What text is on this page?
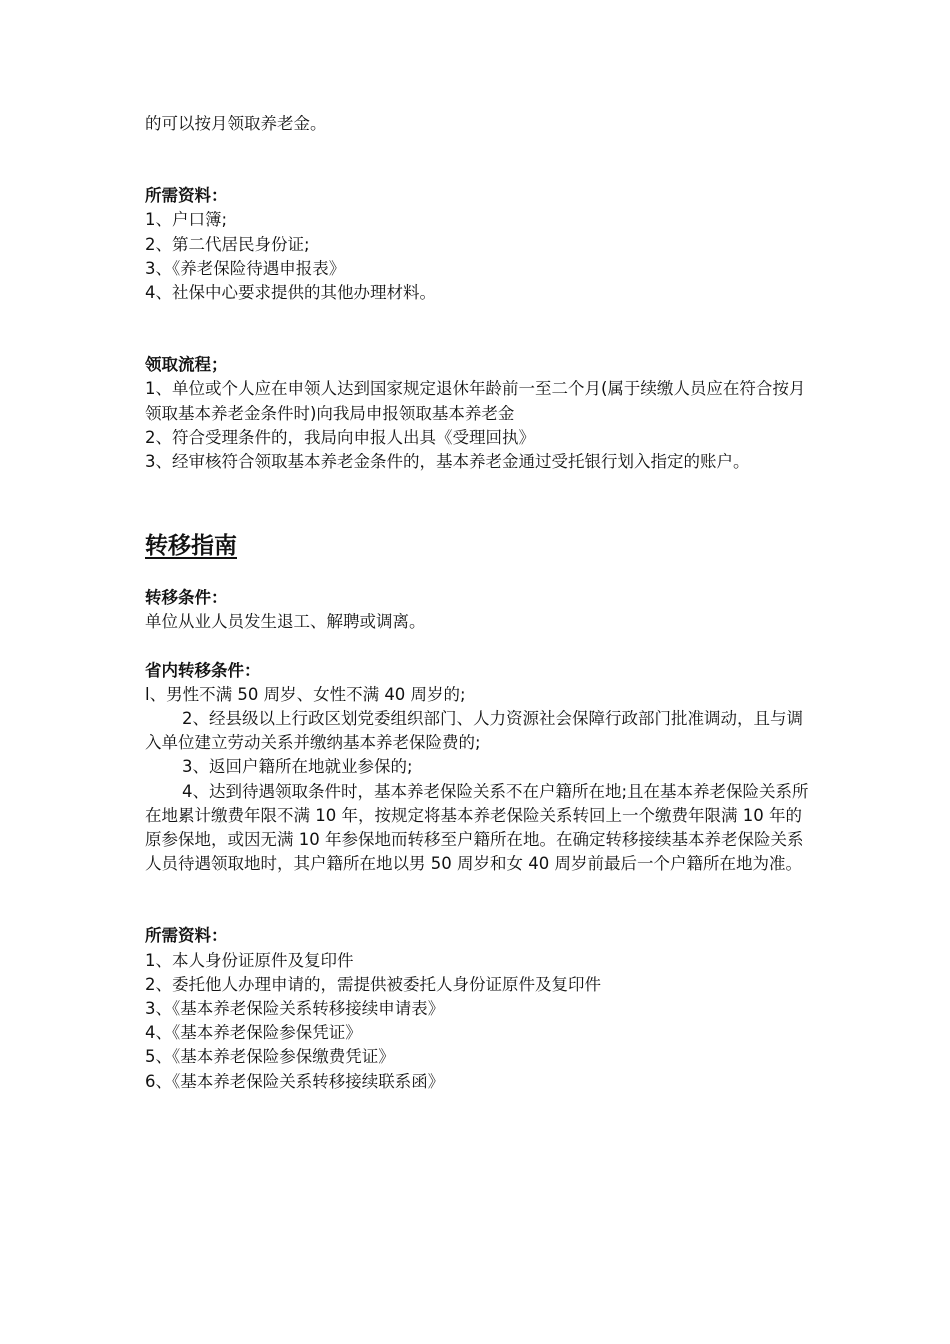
的可以按月领取养老金。

所需资料：

1、户口簿;

2、第二代居民身份证;

3、《养老保险待遇申报表》

4、社保中心要求提供的其他办理材料。

领取流程；

1、单位或个人应在申领人达到国家规定退休年龄前一至二个月(属于续缴人员应在符合按月领取基本养老金条件时)向我局申报领取基本养老金

2、符合受理条件的，我局向申报人出具《受理回执》

3、经审核符合领取基本养老金条件的，基本养老金通过受托银行划入指定的账户。

转移指南

转移条件：

单位从业人员发生退工、解聘或调离。

省内转移条件：

l、男性不满 50 周岁、女性不满 40 周岁的;

2、经县级以上行政区划党委组织部门、人力资源社会保障行政部门批准调动，且与调入单位建立劳动关系并缴纳基本养老保险费的;

3、返回户籍所在地就业参保的;

4、达到待遇领取条件时，基本养老保险关系不在户籍所在地;且在基本养老保险关系所在地累计缴费年限不满 10 年，按规定将基本养老保险关系转回上一个缴费年限满 10 年的原参保地，或因无满 10 年参保地而转移至户籍所在地。在确定转移接续基本养老保险关系人员待遇领取地时，其户籍所在地以男 50 周岁和女 40 周岁前最后一个户籍所在地为准。

所需资料：

1、本人身份证原件及复印件

2、委托他人办理申请的，需提供被委托人身份证原件及复印件

3、《基本养老保险关系转移接续申请表》

4、《基本养老保险参保凭证》

5、《基本养老保险参保缴费凭证》

6、《基本养老保险关系转移接续联系函》
